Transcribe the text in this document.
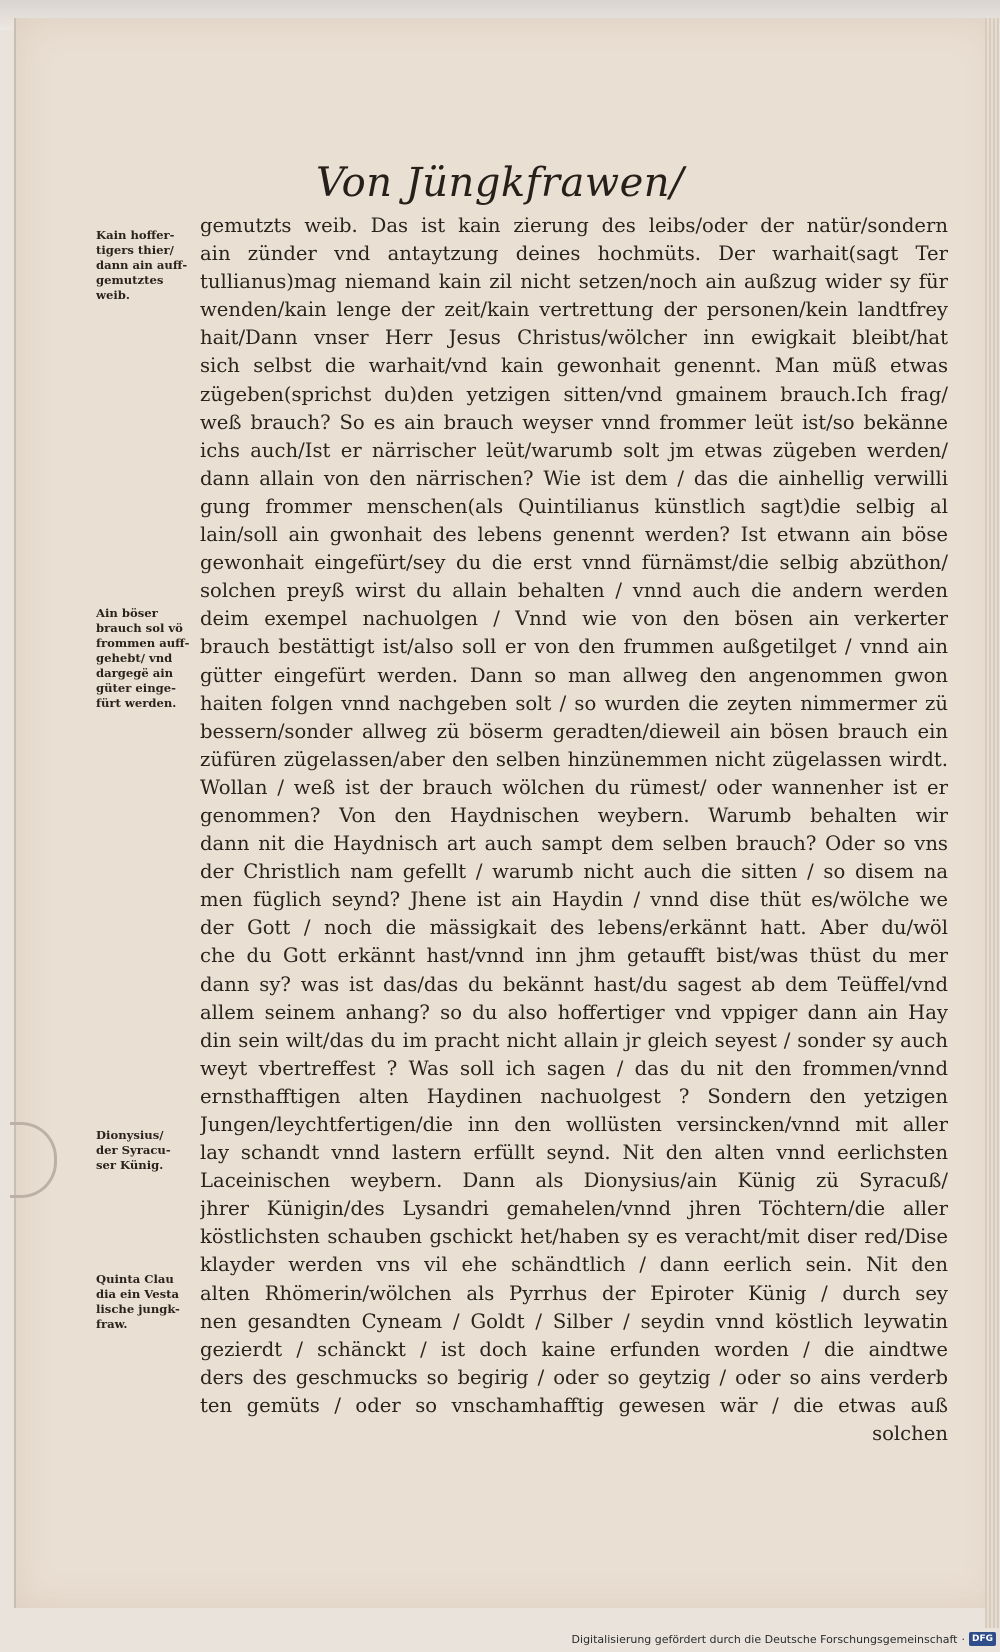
Von Jüngkfrawen/
gemutzts weib. Das ist kain zierung des leibs/oder der natür/sondern
ain zünder vnd antaytzung deines hochmüts. Der warhait(sagt Ter
tullianus)mag niemand kain zil nicht setzen/noch ain außzug wider sy für
wenden/kain lenge der zeit/kain vertrettung der personen/kein landtfrey
hait/Dann vnser Herr Jesus Christus/wölcher inn ewigkait bleibt/hat
sich selbst die warhait/vnd kain gewonhait genennt. Man müß etwas
zügeben(sprichst du)den yetzigen sitten/vnd gmainem brauch.Ich frag/
weß brauch? So es ain brauch weyser vnnd frommer leüt ist/so bekänne
ichs auch/Ist er närrischer leüt/warumb solt jm etwas zügeben werden/
dann allain von den närrischen? Wie ist dem / das die ainhellig verwilli
gung frommer menschen(als Quintilianus künstlich sagt)die selbig al
lain/soll ain gwonhait des lebens genennt werden? Ist etwann ain böse
gewonhait eingefürt/sey du die erst vnnd fürnämst/die selbig abzüthon/
solchen preyß wirst du allain behalten / vnnd auch die andern werden
deim exempel nachuolgen / Vnnd wie von den bösen ain verkerter
brauch bestättigt ist/also soll er von den frummen außgetilget / vnnd ain
gütter eingefürt werden. Dann so man allweg den angenommen gwon
haiten folgen vnnd nachgeben solt / so wurden die zeyten nimmermer zü
bessern/sonder allweg zü böserm geradten/dieweil ain bösen brauch ein
züfüren zügelassen/aber den selben hinzünemmen nicht zügelassen wirdt.
Wollan / weß ist der brauch wölchen du rümest/ oder wannenher ist er
genommen? Von den Haydnischen weybern. Warumb behalten wir
dann nit die Haydnisch art auch sampt dem selben brauch? Oder so vns
der Christlich nam gefellt / warumb nicht auch die sitten / so disem na
men füglich seynd? Jhene ist ain Haydin / vnnd dise thüt es/wölche we
der Gott / noch die mässigkait des lebens/erkännt hatt. Aber du/wöl
che du Gott erkännt hast/vnnd inn jhm getaufft bist/was thüst du mer
dann sy? was ist das/das du bekännt hast/du sagest ab dem Teüffel/vnd
allem seinem anhang? so du also hoffertiger vnd vppiger dann ain Hay
din sein wilt/das du im pracht nicht allain jr gleich seyest / sonder sy auch
weyt vbertreffest ? Was soll ich sagen / das du nit den frommen/vnnd
ernsthafftigen alten Haydinen nachuolgest ? Sondern den yetzigen
Jungen/leychtfertigen/die inn den wollüsten versincken/vnnd mit aller
lay schandt vnnd lastern erfüllt seynd. Nit den alten vnnd eerlichsten
Laceinischen weybern. Dann als Dionysius/ain Künig zü Syracuß/
jhrer Künigin/des Lysandri gemahelen/vnnd jhren Töchtern/die aller
köstlichsten schauben gschickt het/haben sy es veracht/mit diser red/Dise
klayder werden vns vil ehe schändtlich / dann eerlich sein. Nit den
alten Rhömerin/wölchen als Pyrrhus der Epiroter Künig / durch sey
nen gesandten Cyneam / Goldt / Silber / seydin vnnd köstlich leywatin
gezierdt / schänckt / ist doch kaine erfunden worden / die aindtwe
ders des geschmucks so begirig / oder so geytzig / oder so ains verderb
ten gemüts / oder so vnschamhafftig gewesen wär / die etwas auß
solchen
Kain hoffer-
tigers thier/
dann ain auff-
gemutztes
weib.
Ain böser
brauch sol vö
frommen auff-
gehebt/ vnd
dargegë ain
güter einge-
fürt werden.
Dionysius/
der Syracu-
ser Künig.
Quinta Clau
dia ein Vesta
lische jungk-
fraw.
Digitalisierung gefördert durch die Deutsche Forschungsgemeinschaft · DFG
